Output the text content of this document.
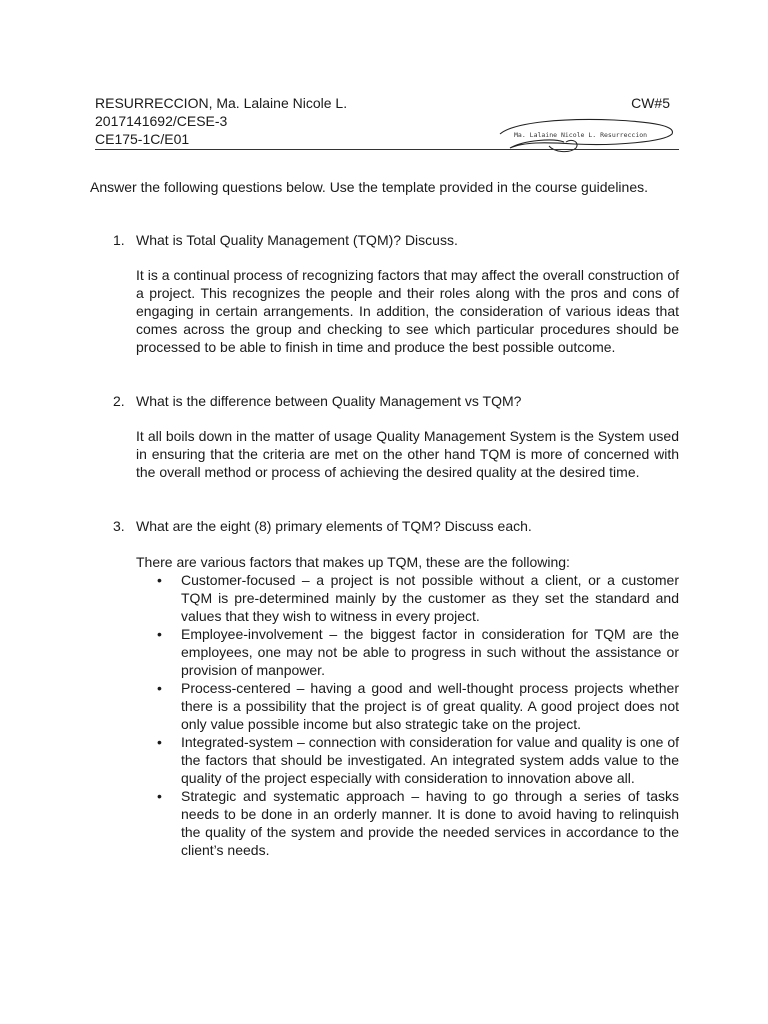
RESURRECCION, Ma. Lalaine Nicole L.
2017141692/CESE-3
CE175-1C/E01
CW#5
Ma. Lalaine Nicole L. Resurreccion
Answer the following questions below. Use the template provided in the course guidelines.
1. What is Total Quality Management (TQM)? Discuss.

It is a continual process of recognizing factors that may affect the overall construction of a project. This recognizes the people and their roles along with the pros and cons of engaging in certain arrangements. In addition, the consideration of various ideas that comes across the group and checking to see which particular procedures should be processed to be able to finish in time and produce the best possible outcome.

2. What is the difference between Quality Management vs TQM?

It all boils down in the matter of usage Quality Management System is the System used in ensuring that the criteria are met on the other hand TQM is more of concerned with the overall method or process of achieving the desired quality at the desired time.

3. What are the eight (8) primary elements of TQM? Discuss each.

There are various factors that makes up TQM, these are the following:

• Customer-focused – a project is not possible without a client, or a customer TQM is pre-determined mainly by the customer as they set the standard and values that they wish to witness in every project.
• Employee-involvement – the biggest factor in consideration for TQM are the employees, one may not be able to progress in such without the assistance or provision of manpower.
• Process-centered – having a good and well-thought process projects whether there is a possibility that the project is of great quality. A good project does not only value possible income but also strategic take on the project.
• Integrated-system – connection with consideration for value and quality is one of the factors that should be investigated. An integrated system adds value to the quality of the project especially with consideration to innovation above all.
• Strategic and systematic approach – having to go through a series of tasks needs to be done in an orderly manner. It is done to avoid having to relinquish the quality of the system and provide the needed services in accordance to the client’s needs.
